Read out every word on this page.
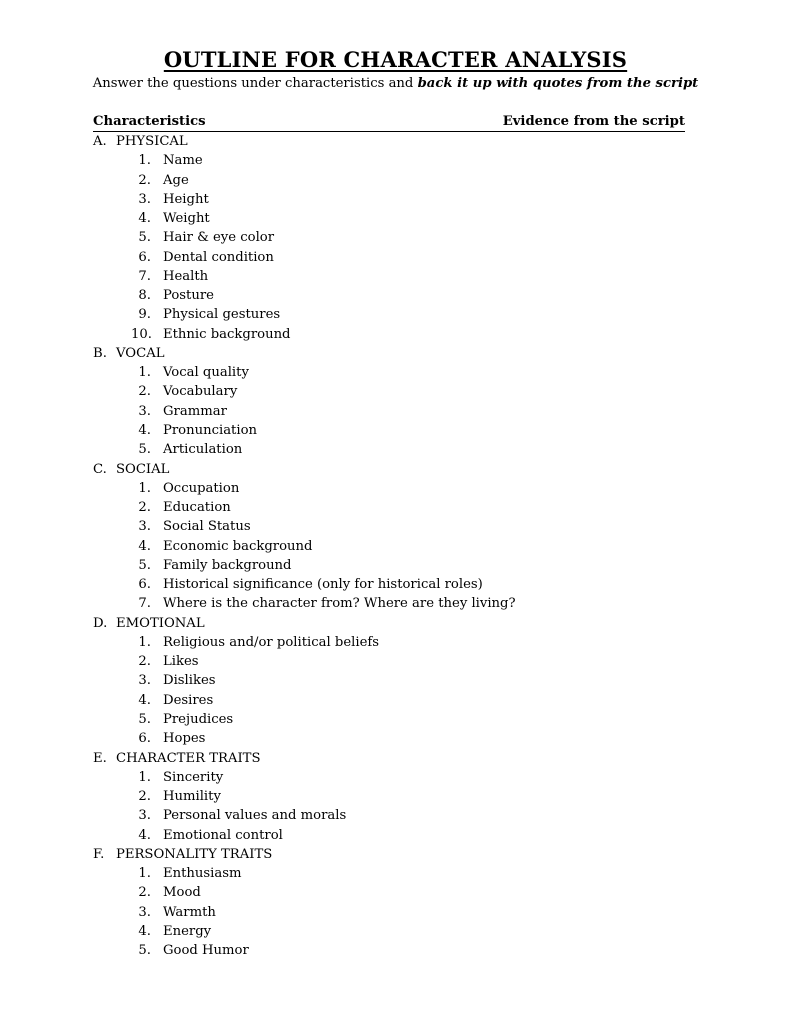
OUTLINE FOR CHARACTER ANALYSIS
Answer the questions under characteristics and back it up with quotes from the script
Characteristics	Evidence from the script
A. PHYSICAL
1. Name
2. Age
3. Height
4. Weight
5. Hair & eye color
6. Dental condition
7. Health
8. Posture
9. Physical gestures
10. Ethnic background
B. VOCAL
1. Vocal quality
2. Vocabulary
3. Grammar
4. Pronunciation
5. Articulation
C. SOCIAL
1. Occupation
2. Education
3. Social Status
4. Economic background
5. Family background
6. Historical significance (only for historical roles)
7. Where is the character from? Where are they living?
D. EMOTIONAL
1. Religious and/or political beliefs
2. Likes
3. Dislikes
4. Desires
5. Prejudices
6. Hopes
E. CHARACTER TRAITS
1. Sincerity
2. Humility
3. Personal values and morals
4. Emotional control
F. PERSONALITY TRAITS
1. Enthusiasm
2. Mood
3. Warmth
4. Energy
5. Good Humor
